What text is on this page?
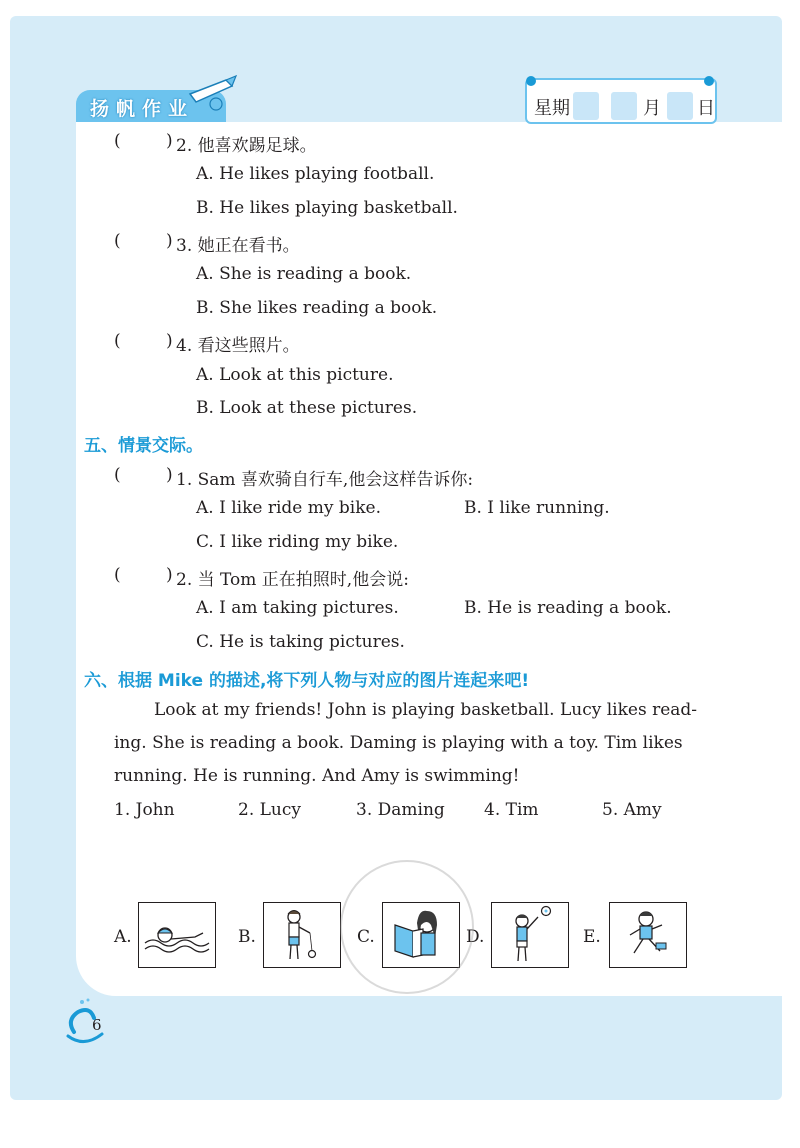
扬帆作业	星期	月 日
(	) 2. 他喜欢踢足球。
A. He likes playing football.
B. He likes playing basketball.
(	) 3. 她正在看书。
A. She is reading a book.
B. She likes reading a book.
(	) 4. 看这些照片。
A. Look at this picture.
B. Look at these pictures.
五、情景交际。
(	) 1. Sam 喜欢骑自行车,他会这样告诉你:
A. I like ride my bike.	B. I like running.
C. I like riding my bike.
(	) 2. 当 Tom 正在拍照时,他会说:
A. I am taking pictures.	B. He is reading a book.
C. He is taking pictures.
六、根据 Mike 的描述,将下列人物与对应的图片连起来吧!
Look at my friends! John is playing basketball. Lucy likes read-
ing. She is reading a book. Daming is playing with a toy. Tim likes
running. He is running. And Amy is swimming!
1. John	2. Lucy	3. Daming 4. Tim	5. Amy
A.	B.	C.	D.	E.
6
